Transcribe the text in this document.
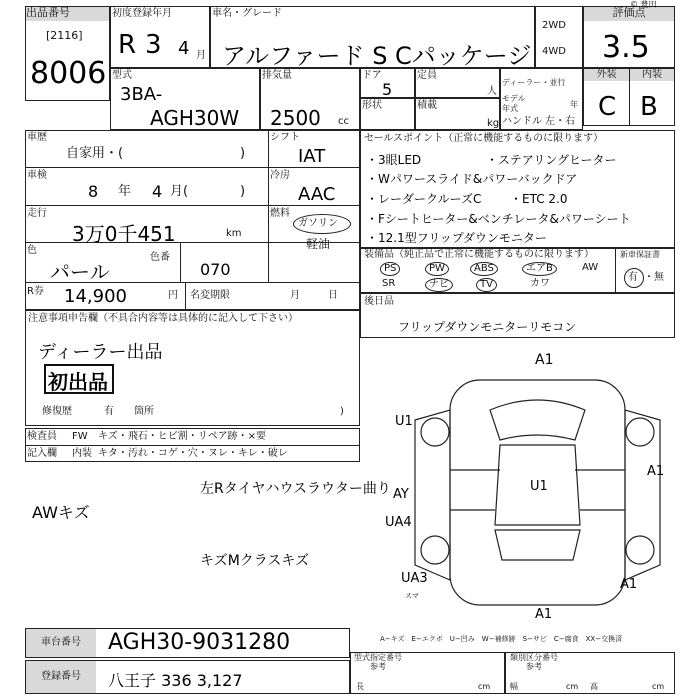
出品番号
[2116]
8006
初度登録年月
R 3 4 月
車名・グレード
アルファード S Cパッケージ
2WD
4WD
評価点
3.5
© 豊田
外装	内装
C B
型式
3BA-
AGH30W
排気量
2500 cc
ドア
5
定員
人
形状	積載
kg
ディーラー・並行
モデル年式	年
ハンドル 左・右
車歴
自家用・(	)
シフト
IAT
車検
8 年 4 月(	)
冷房
AAC
走行
3万0千451	km
燃料
ガソリン
軽油
色
パール
色番
070
R券 14,900	円 名変期限	月	日
セールスポイント（正常に機能するものに限ります）
・3眼LED	・ステアリングヒーター
・Wパワースライド&パワーバックドア
・レーダークルーズC ・ETC 2.0
・Fシートヒーター&ベンチレータ&パワーシート
・12.1型フリップダウンモニター
装備品（純正品で正常に機能するものに限ります）	新車保証書
有 ・無
PS	PW	ABS	エアB	AW
SR	ナビ	TV	カワ
後日品
フリップダウンモニターリモコン
注意事項申告欄（不具合内容等は具体的に記入して下さい）
ディーラー出品
初出品
修復歴	有 箇所	)
検査員 FW キズ・飛石・ヒビ割・リペア跡・×要
記入欄 内装 キタ・汚れ・コゲ・穴・ヌレ・キレ・破レ
左Rタイヤハウスラウター曲り
AWキズ
キズMクラスキズ
A1
U1
U1
A1
AY
UA4
UA3	A1
A1
スマ
A−キズ　E−エクボ　U−凹み　W−補修跡　S−サビ　C−腐食　XX−交換済
車台番号	AGH30-9031280
登録番号	八王子 336 3,127
型式指定番号
参考
類別区分番号
参考
長	cm 幅	cm 高	cm
